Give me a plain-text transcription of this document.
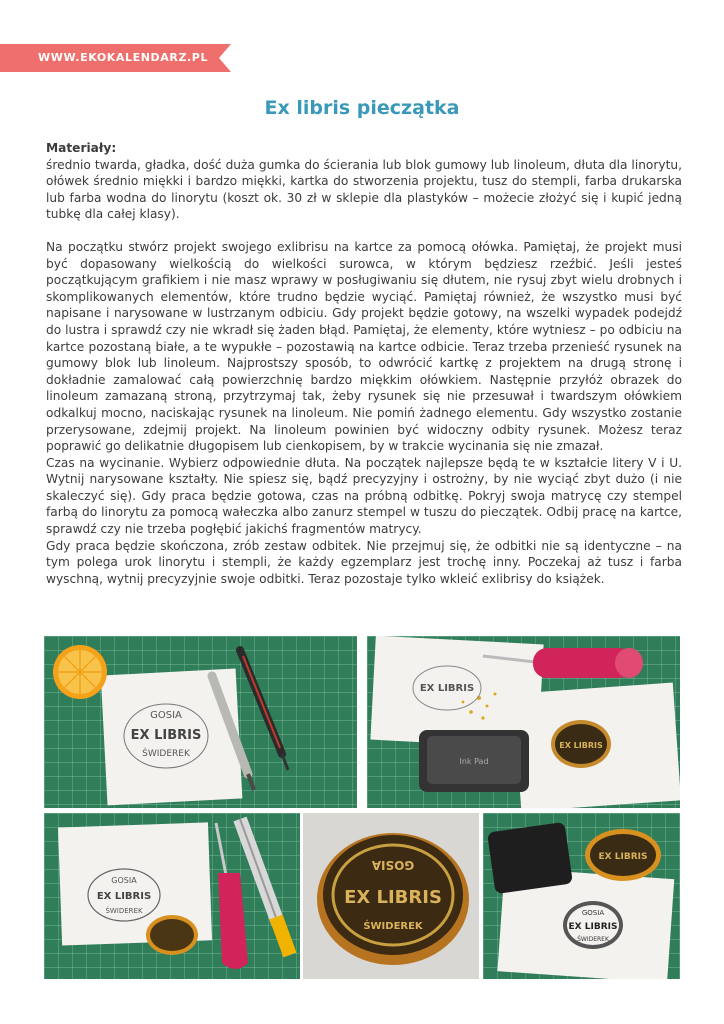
WWW.EKOKALENDARZ.PL
Ex libris pieczątka

Materiały:

średnio twarda, gładka, dość duża gumka do ścierania lub blok gumowy lub linoleum, dłuta dla linorytu, ołówek średnio miękki i bardzo miękki, kartka do stworzenia projektu, tusz do stempli, farba drukarska lub farba wodna do linorytu (koszt ok. 30 zł w sklepie dla plastyków – możecie złożyć się i kupić jedną tubkę dla całej klasy).

Na początku stwórz projekt swojego exlibrisu na kartce za pomocą ołówka. Pamiętaj, że projekt musi być dopasowany wielkością do wielkości surowca, w którym będziesz rzeźbić. Jeśli jesteś początkującym grafikiem i nie masz wprawy w posługiwaniu się dłutem, nie rysuj zbyt wielu drobnych i skomplikowanych elementów, które trudno będzie wyciąć. Pamiętaj również, że wszystko musi być napisane i narysowane w lustrzanym odbiciu. Gdy projekt będzie gotowy, na wszelki wypadek podejdź do lustra i sprawdź czy nie wkradł się żaden błąd. Pamiętaj, że elementy, które wytniesz – po odbiciu na kartce pozostaną białe, a te wypukłe – pozostawią na kartce odbicie. Teraz trzeba przenieść rysunek na gumowy blok lub linoleum. Najprostszy sposób, to odwrócić kartkę z projektem na drugą stronę i dokładnie zamalować całą powierzchnię bardzo miękkim ołówkiem. Następnie przyłóż obrazek do linoleum zamazaną stroną, przytrzymaj tak, żeby rysunek się nie przesuwał i twardszym ołówkiem odkalkuj mocno, naciskając rysunek na linoleum. Nie pomiń żadnego elementu. Gdy wszystko zostanie przerysowane, zdejmij projekt. Na linoleum powinien być widoczny odbity rysunek. Możesz teraz poprawić go delikatnie długopisem lub cienkopisem, by w trakcie wycinania się nie zmazał.

Czas na wycinanie. Wybierz odpowiednie dłuta. Na początek najlepsze będą te w kształcie litery V i U. Wytnij narysowane kształty. Nie spiesz się, bądź precyzyjny i ostrożny, by nie wyciąć zbyt dużo (i nie skaleczyć się). Gdy praca będzie gotowa, czas na próbną odbitkę. Pokryj swoja matrycę czy stempel farbą do linorytu za pomocą wałeczka albo zanurz stempel w tuszu do pieczątek. Odbij pracę na kartce, sprawdź czy nie trzeba pogłębić jakichś fragmentów matrycy.

Gdy praca będzie skończona, zrób zestaw odbitek. Nie przejmuj się, że odbitki nie są identyczne – na tym polega urok linorytu i stempli, że każdy egzemplarz jest trochę inny. Poczekaj aż tusz i farba wyschną, wytnij precyzyjnie swoje odbitki. Teraz pozostaje tylko wkleić exlibrisy do książek.

GOSIA
EX LIBRIS
ŚWIDEREK
EX LIBRIS
Ink Pad
EX LIBRIS
GOSIA
EX LIBRIS
ŚWIDEREK
GOSIA
EX LIBRIS
ŚWIDEREK
EX LIBRIS
GOSIA
EX LIBRIS
ŚWIDEREK
